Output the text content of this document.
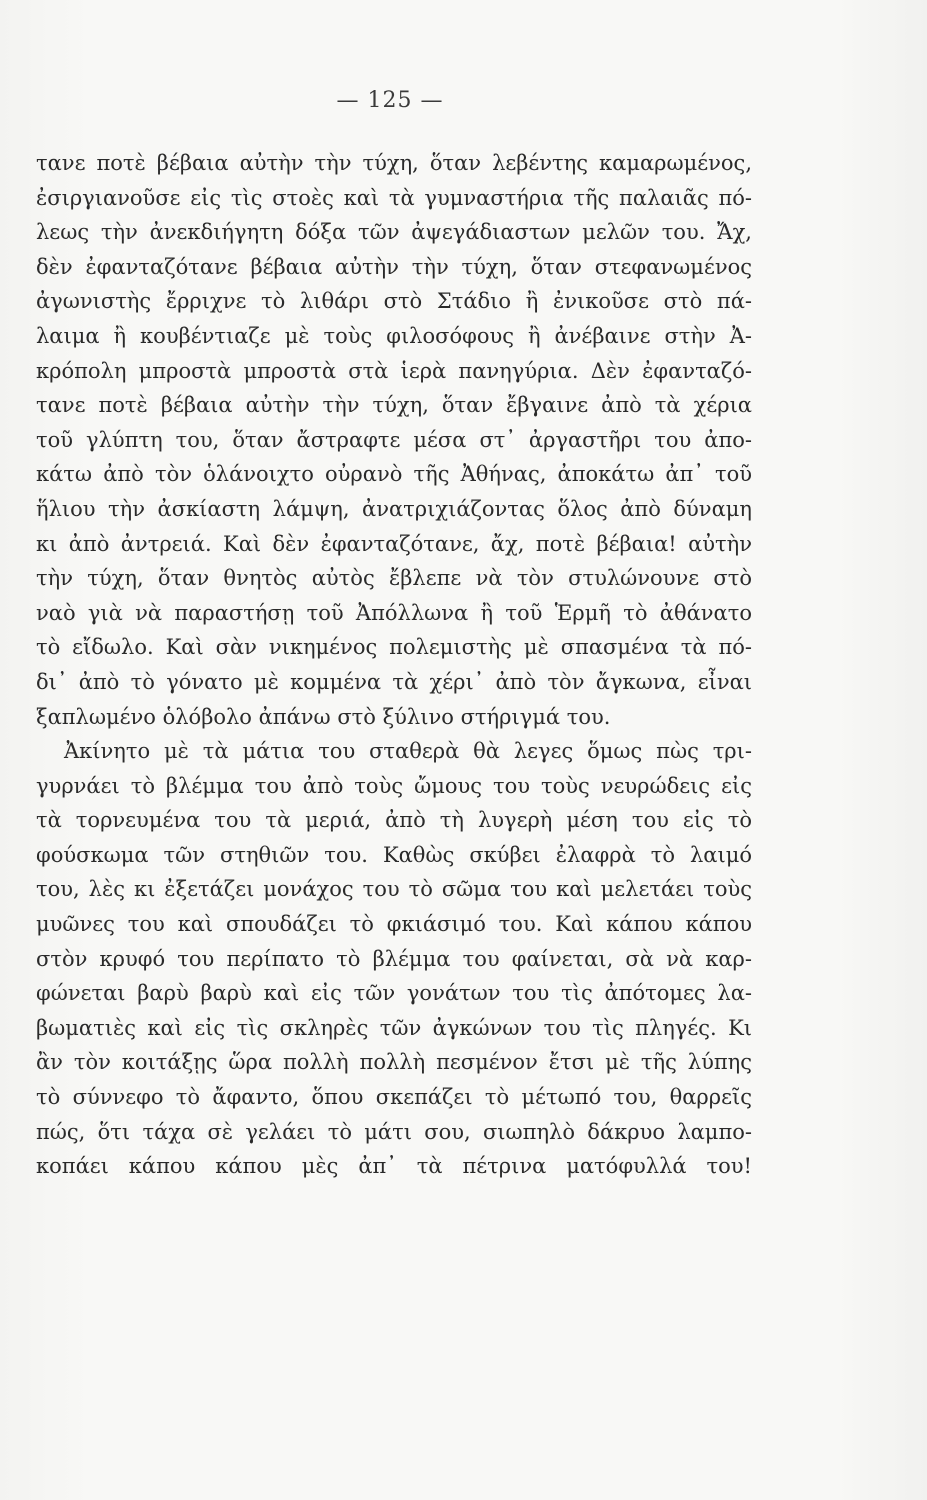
— 125 —
τανε ποτὲ βέβαια αὐτὴν τὴν τύχη, ὅταν λεβέντης καμαρωμένος,
ἐσιργιανοῦσε εἰς τὶς στοὲς καὶ τὰ γυμναστήρια τῆς παλαιᾶς πό-
λεως τὴν ἀνεκδιήγητη δόξα τῶν ἀψεγάδιαστων μελῶν του. Ἄχ,
δὲν ἐφανταζότανε βέβαια αὐτὴν τὴν τύχη, ὅταν στεφανωμένος
ἀγωνιστὴς ἔρριχνε τὸ λιθάρι στὸ Στάδιο ἢ ἐνικοῦσε στὸ πά-
λαιμα ἢ κουβέντιαζε μὲ τοὺς φιλοσόφους ἢ ἀνέβαινε στὴν Ἀ-
κρόπολη μπροστὰ μπροστὰ στὰ ἱερὰ πανηγύρια. Δὲν ἐφανταζό-
τανε ποτὲ βέβαια αὐτὴν τὴν τύχη, ὅταν ἔβγαινε ἀπὸ τὰ χέρια
τοῦ γλύπτη του, ὅταν ἄστραφτε μέσα στ᾽ ἀργαστῆρι του ἀπο-
κάτω ἀπὸ τὸν ὁλάνοιχτο οὐρανὸ τῆς Ἀθήνας, ἀποκάτω ἀπ᾽ τοῦ
ἥλιου τὴν ἀσκίαστη λάμψη, ἀνατριχιάζοντας ὅλος ἀπὸ δύναμη
κι ἀπὸ ἀντρειά. Καὶ δὲν ἐφανταζότανε, ἄχ, ποτὲ βέβαια! αὐτὴν
τὴν τύχη, ὅταν θνητὸς αὐτὸς ἔβλεπε νὰ τὸν στυλώνουνε στὸ
ναὸ γιὰ νὰ παραστήσῃ τοῦ Ἀπόλλωνα ἢ τοῦ Ἑρμῆ τὸ ἀθάνατο
τὸ εἴδωλο. Καὶ σὰν νικημένος πολεμιστὴς μὲ σπασμένα τὰ πό-
δι᾽ ἀπὸ τὸ γόνατο μὲ κομμένα τὰ χέρι᾽ ἀπὸ τὸν ἄγκωνα, εἶναι
ξαπλωμένο ὁλόβολο ἀπάνω στὸ ξύλινο στήριγμά του.
Ἀκίνητο μὲ τὰ μάτια του σταθερὰ θὰ λεγες ὅμως πὼς τρι-
γυρνάει τὸ βλέμμα του ἀπὸ τοὺς ὤμους του τοὺς νευρώδεις εἰς
τὰ τορνευμένα του τὰ μεριά, ἀπὸ τὴ λυγερὴ μέση του εἰς τὸ
φούσκωμα τῶν στηθιῶν του. Καθὼς σκύβει ἐλαφρὰ τὸ λαιμό
του, λὲς κι ἐξετάζει μονάχος του τὸ σῶμα του καὶ μελετάει τοὺς
μυῶνες του καὶ σπουδάζει τὸ φκιάσιμό του. Καὶ κάπου κάπου
στὸν κρυφό του περίπατο τὸ βλέμμα του φαίνεται, σὰ νὰ καρ-
φώνεται βαρὺ βαρὺ καὶ εἰς τῶν γονάτων του τὶς ἀπότομες λα-
βωματιὲς καὶ εἰς τὶς σκληρὲς τῶν ἀγκώνων του τὶς πληγές. Κι
ἂν τὸν κοιτάξῃς ὥρα πολλὴ πολλὴ πεσμένον ἔτσι μὲ τῆς λύπης
τὸ σύννεφο τὸ ἄφαντο, ὅπου σκεπάζει τὸ μέτωπό του, θαρρεῖς
πώς, ὅτι τάχα σὲ γελάει τὸ μάτι σου, σιωπηλὸ δάκρυο λαμπο-
κοπάει κάπου κάπου μὲς ἀπ᾽ τὰ πέτρινα ματόφυλλά του!
